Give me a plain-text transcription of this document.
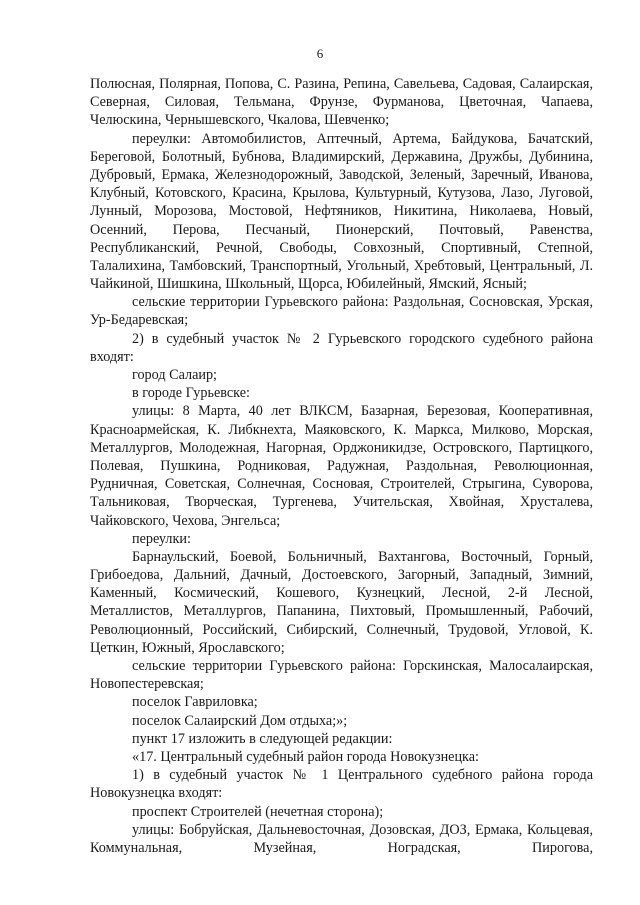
6

Полюсная, Полярная, Попова, С. Разина, Репина, Савельева, Садовая, Салаирская, Северная, Силовая, Тельмана, Фрунзе, Фурманова, Цветочная, Чапаева, Челюскина, Чернышевского, Чкалова, Шевченко;

переулки: Автомобилистов, Аптечный, Артема, Байдукова, Бачатский, Береговой, Болотный, Бубнова, Владимирский, Державина, Дружбы, Дубинина, Дубровый, Ермака, Железнодорожный, Заводской, Зеленый, Заречный, Иванова, Клубный, Котовского, Красина, Крылова, Культурный, Кутузова, Лазо, Луговой, Лунный, Морозова, Мостовой, Нефтяников, Никитина, Николаева, Новый, Осенний, Перова, Песчаный, Пионерский, Почтовый, Равенства, Республиканский, Речной, Свободы, Совхозный, Спортивный, Степной, Талалихина, Тамбовский, Транспортный, Угольный, Хребтовый, Центральный, Л. Чайкиной, Шишкина, Школьный, Щорса, Юбилейный, Ямский, Ясный;

сельские территории Гурьевского района: Раздольная, Сосновская, Урская, Ур-Бедаревская;

2) в судебный участок № 2 Гурьевского городского судебного района входят:

город Салаир;

в городе Гурьевске:

улицы: 8 Марта, 40 лет ВЛКСМ, Базарная, Березовая, Кооперативная, Красноармейская, К. Либкнехта, Маяковского, К. Маркса, Милково, Морская, Металлургов, Молодежная, Нагорная, Орджоникидзе, Островского, Партицкого, Полевая, Пушкина, Родниковая, Радужная, Раздольная, Революционная, Рудничная, Советская, Солнечная, Сосновая, Строителей, Стрыгина, Суворова, Тальниковая, Творческая, Тургенева, Учительская, Хвойная, Хрусталева, Чайковского, Чехова, Энгельса;

переулки:

Барнаульский, Боевой, Больничный, Вахтангова, Восточный, Горный, Грибоедова, Дальний, Дачный, Достоевского, Загорный, Западный, Зимний, Каменный, Космический, Кошевого, Кузнецкий, Лесной, 2-й Лесной, Металлистов, Металлургов, Папанина, Пихтовый, Промышленный, Рабочий, Революционный, Российский, Сибирский, Солнечный, Трудовой, Угловой, К. Цеткин, Южный, Ярославского;

сельские территории Гурьевского района: Горскинская, Малосалаирская, Новопестеревская;

поселок Гавриловка;

поселок Салаирский Дом отдыха;»;

пункт 17 изложить в следующей редакции:

«17. Центральный судебный район города Новокузнецка:

1) в судебный участок № 1 Центрального судебного района города Новокузнецка входят:

проспект Строителей (нечетная сторона);

улицы: Бобруйская, Дальневосточная, Дозовская, ДОЗ, Ермака, Кольцевая, Коммунальная, Музейная, Ноградская, Пирогова,
